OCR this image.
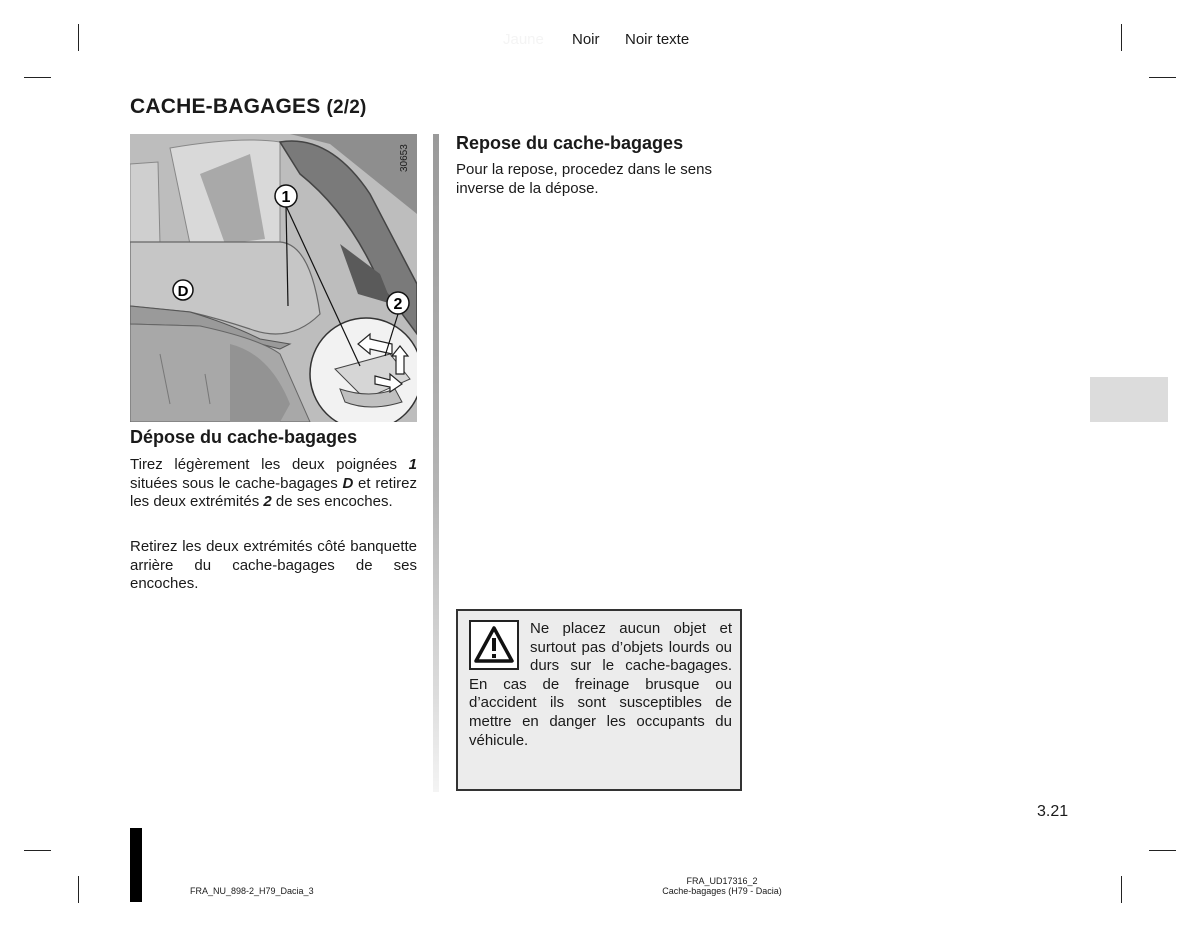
Jaune Noir Noir texte
CACHE-BAGAGES (2/2)
1
2
D
30653
Dépose du cache-bagages
Tirez légèrement les deux poignées 1 situées sous le cache-bagages D et retirez les deux extrémités 2 de ses encoches.
Retirez les deux extrémités côté banquette arrière du cache-bagages de ses encoches.
Repose du cache-bagages
Pour la repose, procedez dans le sens inverse de la dépose.
Ne placez aucun objet et surtout pas d’objets lourds ou durs sur le cache-bagages. En cas de freinage brusque ou d’accident ils sont susceptibles de mettre en danger les occupants du véhicule.
3.21
FRA_NU_898-2_H79_Dacia_3
FRA_UD17316_2
Cache-bagages (H79 - Dacia)
